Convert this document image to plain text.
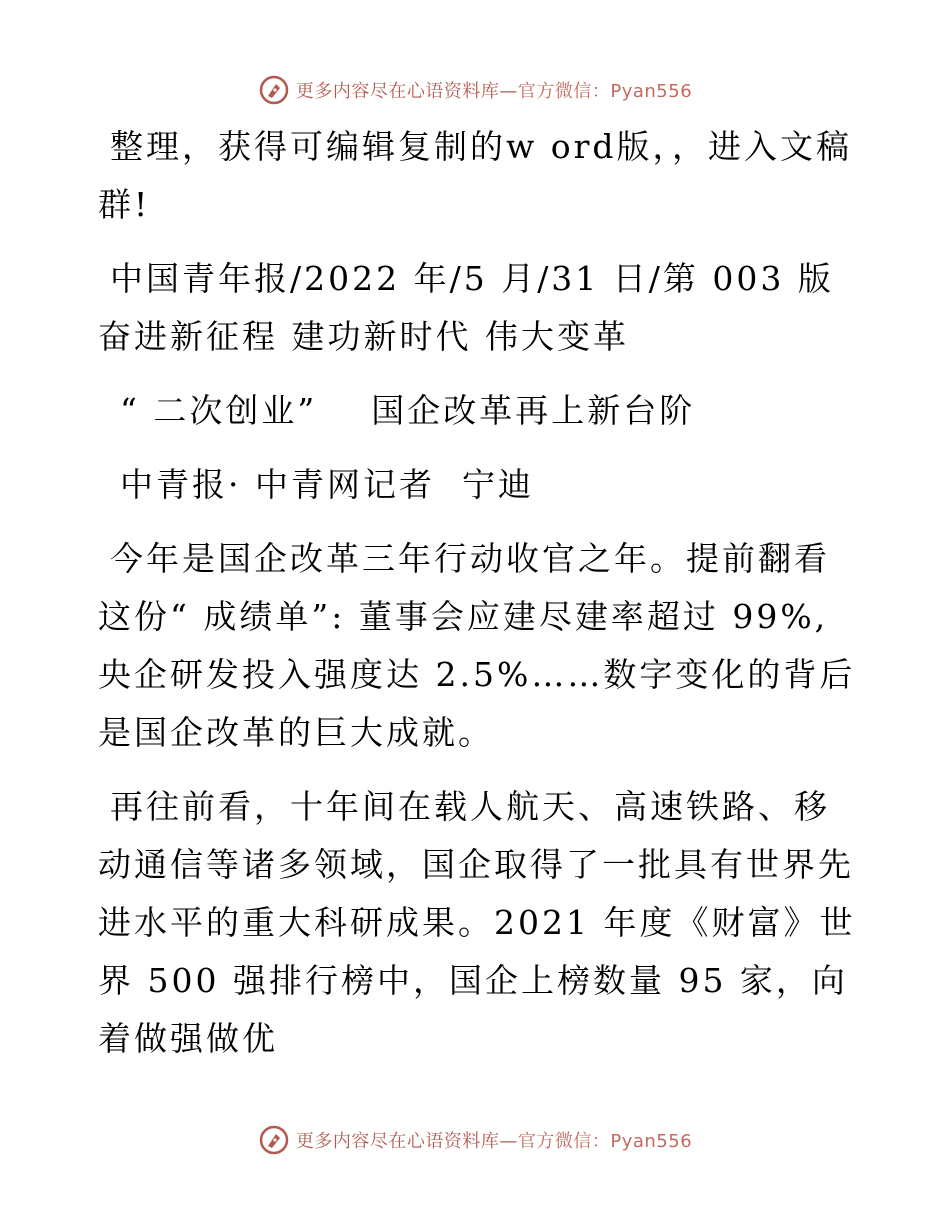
更多内容尽在心语资料库—官方微信：Pyan556

整理，获得可编辑复制的w ord版，，进入文稿群!

中国青年报/2022 年/5 月/31 日/第 003 版奋进新征程 建功新时代 伟大变革

“ 二次创业”    国企改革再上新台阶

中青报· 中青网记者  宁迪

今年是国企改革三年行动收官之年。提前翻看这份“ 成绩单”: 董事会应建尽建率超过 99%, 央企研发投入强度达 2.5%……数字变化的背后是国企改革的巨大成就。

再往前看，十年间在载人航天、高速铁路、移动通信等诸多领域，国企取得了一批具有世界先进水平的重大科研成果。2021 年度《财富》世界 500 强排行榜中，国企上榜数量 95 家，向着做强做优

更多内容尽在心语资料库—官方微信：Pyan556
